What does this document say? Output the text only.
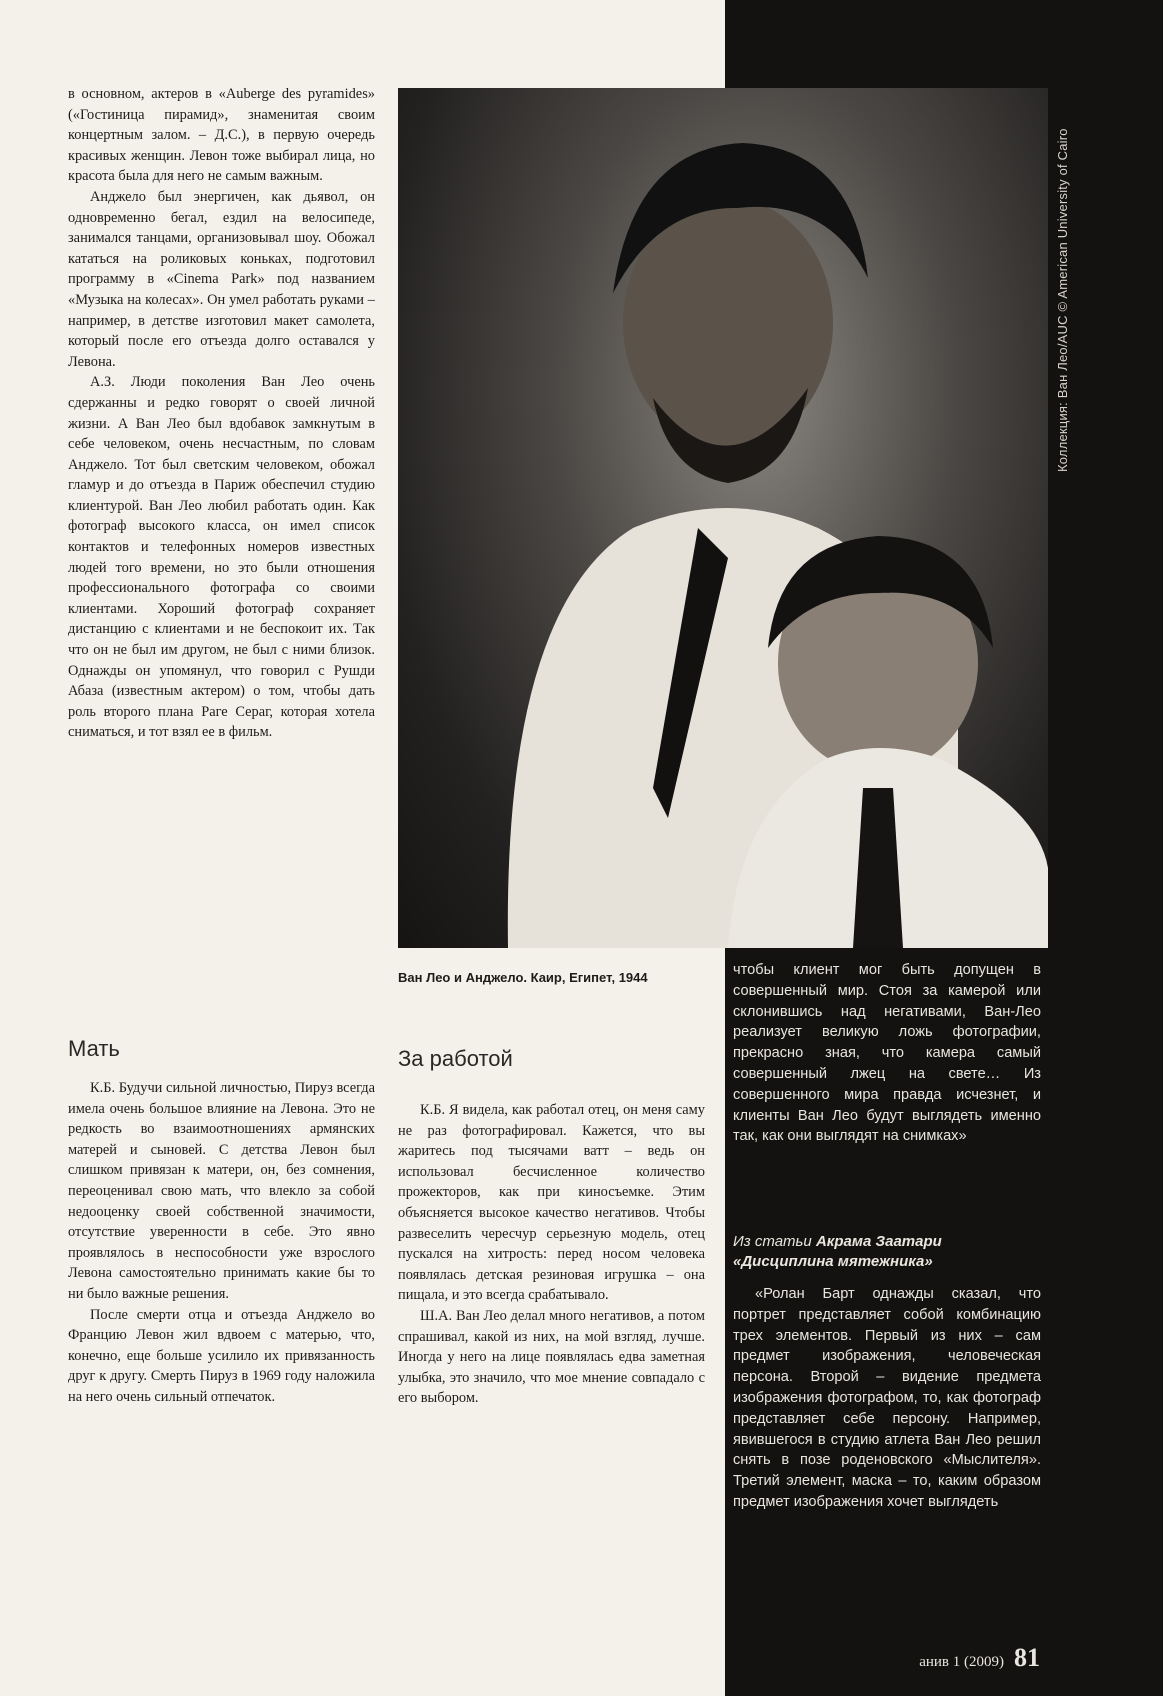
в основном, актеров в «Auberge des pyramides» («Гостиница пирамид», знаменитая своим концертным залом. – Д.С.), в первую очередь красивых женщин. Левон тоже выбирал лица, но красота была для него не самым важным.

Анджело был энергичен, как дьявол, он одновременно бегал, ездил на велосипеде, занимался танцами, организовывал шоу. Обожал кататься на роликовых коньках, подготовил программу в «Cinema Park» под названием «Музыка на колесах». Он умел работать руками – например, в детстве изготовил макет самолета, который после его отъезда долго оставался у Левона.

А.З. Люди поколения Ван Лео очень сдержанны и редко говорят о своей личной жизни. А Ван Лео был вдобавок замкнутым в себе человеком, очень несчастным, по словам Анджело. Тот был светским человеком, обожал гламур и до отъезда в Париж обеспечил студию клиентурой. Ван Лео любил работать один. Как фотограф высокого класса, он имел список контактов и телефонных номеров известных людей того времени, но это были отношения профессионального фотографа со своими клиентами. Хороший фотограф сохраняет дистанцию с клиентами и не беспокоит их. Так что он не был им другом, не был с ними близок. Однажды он упомянул, что говорил с Рушди Абаза (известным актером) о том, чтобы дать роль второго плана Раге Сераг, которая хотела сниматься, и тот взял ее в фильм.

Мать

К.Б. Будучи сильной личностью, Пируз всегда имела очень большое влияние на Левона. Это не редкость во взаимоотношениях армянских матерей и сыновей. С детства Левон был слишком привязан к матери, он, без сомнения, переоценивал свою мать, что влекло за собой недооценку своей собственной значимости, отсутствие уверенности в себе. Это явно проявлялось в неспособности уже взрослого Левона самостоятельно принимать какие бы то ни было важные решения.

После смерти отца и отъезда Анджело во Францию Левон жил вдвоем с матерью, что, конечно, еще больше усилило их привязанность друг к другу. Смерть Пируз в 1969 году наложила на него очень сильный отпечаток.

Коллекция: Ван Лео/AUC © American University of Cairo
Ван Лео и Анджело. Каир, Египет, 1944
За работой

К.Б. Я видела, как работал отец, он меня саму не раз фотографировал. Кажется, что вы жаритесь под тысячами ватт – ведь он использовал бесчисленное количество прожекторов, как при киносъемке. Этим объясняется высокое качество негативов. Чтобы развеселить чересчур серьезную модель, отец пускался на хитрость: перед носом человека появлялась детская резиновая игрушка – она пищала, и это всегда срабатывало.

Ш.А. Ван Лео делал много негативов, а потом спрашивал, какой из них, на мой взгляд, лучше. Иногда у него на лице появлялась едва заметная улыбка, это значило, что мое мнение совпадало с его выбором.

чтобы клиент мог быть допущен в совершенный мир. Стоя за камерой или склонившись над негативами, Ван-Лео реализует великую ложь фотографии, прекрасно зная, что камера самый совершенный лжец на свете… Из совершенного мира правда исчезнет, и клиенты Ван Лео будут выглядеть именно так, как они выглядят на снимках»
Из статьи Акрама Заатари
«Дисциплина мятежника»

«Ролан Барт однажды сказал, что портрет представляет собой комбинацию трех элементов. Первый из них – сам предмет изображения, человеческая персона. Второй – видение предмета изображения фотографом, то, как фотограф представляет себе персону. Например, явившегося в студию атлета Ван Лео решил снять в позе роденовского «Мыслителя». Третий элемент, маска – то, каким образом предмет изображения хочет выглядеть

анив 1 (2009) 81
